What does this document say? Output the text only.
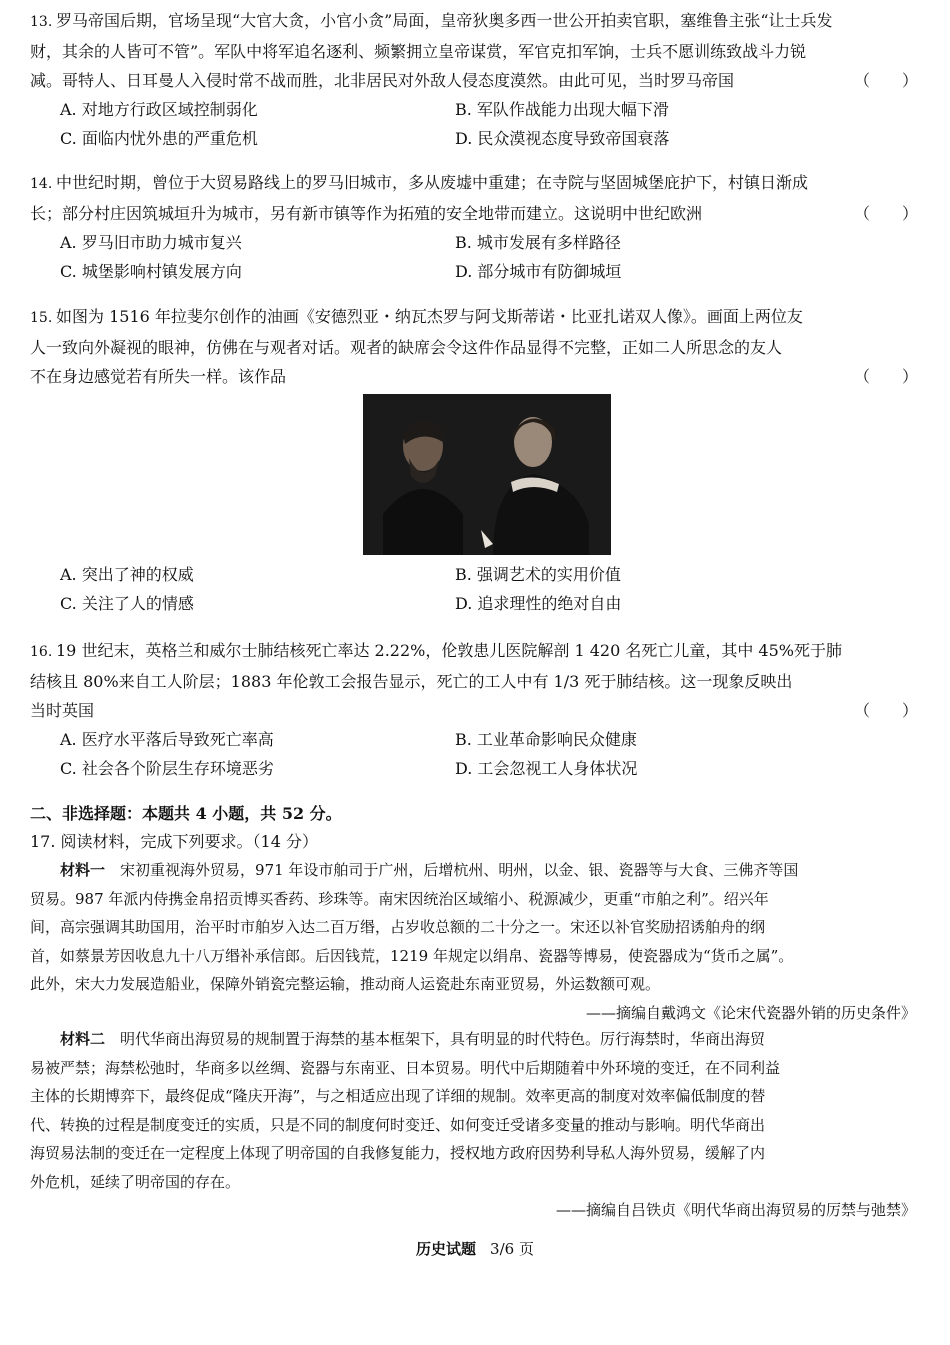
13. 罗马帝国后期，官场呈现“大官大贪，小官小贪”局面，皇帝狄奥多西一世公开拍卖官职，塞维鲁主张“让士兵发
财，其余的人皆可不管”。军队中将军追名逐利、频繁拥立皇帝谋赏，军官克扣军饷，士兵不愿训练致战斗力锐
减。哥特人、日耳曼人入侵时常不战而胜，北非居民对外敌人侵态度漠然。由此可见，当时罗马帝国	（　　）
A. 对地方行政区域控制弱化	B. 军队作战能力出现大幅下滑
C. 面临内忧外患的严重危机	D. 民众漠视态度导致帝国衰落
14. 中世纪时期，曾位于大贸易路线上的罗马旧城市，多从废墟中重建；在寺院与坚固城堡庇护下，村镇日渐成
长；部分村庄因筑城垣升为城市，另有新市镇等作为拓殖的安全地带而建立。这说明中世纪欧洲	（　　）
A. 罗马旧市助力城市复兴	B. 城市发展有多样路径
C. 城堡影响村镇发展方向	D. 部分城市有防御城垣
15. 如图为 1516 年拉斐尔创作的油画《安德烈亚・纳瓦杰罗与阿戈斯蒂诺・比亚扎诺双人像》。画面上两位友
人一致向外凝视的眼神，仿佛在与观者对话。观者的缺席会令这件作品显得不完整，正如二人所思念的友人
不在身边感觉若有所失一样。该作品	（　　）
A. 突出了神的权威	B. 强调艺术的实用价值
C. 关注了人的情感	D. 追求理性的绝对自由
16. 19 世纪末，英格兰和威尔士肺结核死亡率达 2.22%，伦敦患儿医院解剖 1 420 名死亡儿童，其中 45%死于肺
结核且 80%来自工人阶层；1883 年伦敦工会报告显示，死亡的工人中有 1/3 死于肺结核。这一现象反映出
当时英国	（　　）
A. 医疗水平落后导致死亡率高	B. 工业革命影响民众健康
C. 社会各个阶层生存环境恶劣	D. 工会忽视工人身体状况
二、非选择题：本题共 4 小题，共 52 分。
17. 阅读材料，完成下列要求。（14 分）
材料一　 宋初重视海外贸易，971 年设市舶司于广州，后增杭州、明州，以金、银、瓷器等与大食、三佛齐等国
贸易。987 年派内侍携金帛招贡博买香药、珍珠等。南宋因统治区域缩小、税源减少，更重“市舶之利”。绍兴年
间，高宗强调其助国用，治平时市舶岁入达二百万缗，占岁收总额的二十分之一。宋还以补官奖励招诱舶舟的纲
首，如蔡景芳因收息九十八万缗补承信郎。后因钱荒，1219 年规定以绢帛、瓷器等博易，使瓷器成为“货币之属”。
此外，宋大力发展造船业，保障外销瓷完整运输，推动商人运瓷赴东南亚贸易，外运数额可观。
——摘编自戴鸿文《论宋代瓷器外销的历史条件》
材料二　 明代华商出海贸易的规制置于海禁的基本框架下，具有明显的时代特色。厉行海禁时，华商出海贸
易被严禁；海禁松弛时，华商多以丝绸、瓷器与东南亚、日本贸易。明代中后期随着中外环境的变迁，在不同利益
主体的长期博弈下，最终促成“隆庆开海”，与之相适应出现了详细的规制。效率更高的制度对效率偏低制度的替
代、转换的过程是制度变迁的实质，只是不同的制度何时变迁、如何变迁受诸多变量的推动与影响。明代华商出
海贸易法制的变迁在一定程度上体现了明帝国的自我修复能力，授权地方政府因势利导私人海外贸易，缓解了内
外危机，延续了明帝国的存在。
——摘编自吕铁贞《明代华商出海贸易的厉禁与弛禁》
历史试题 3/6 页
